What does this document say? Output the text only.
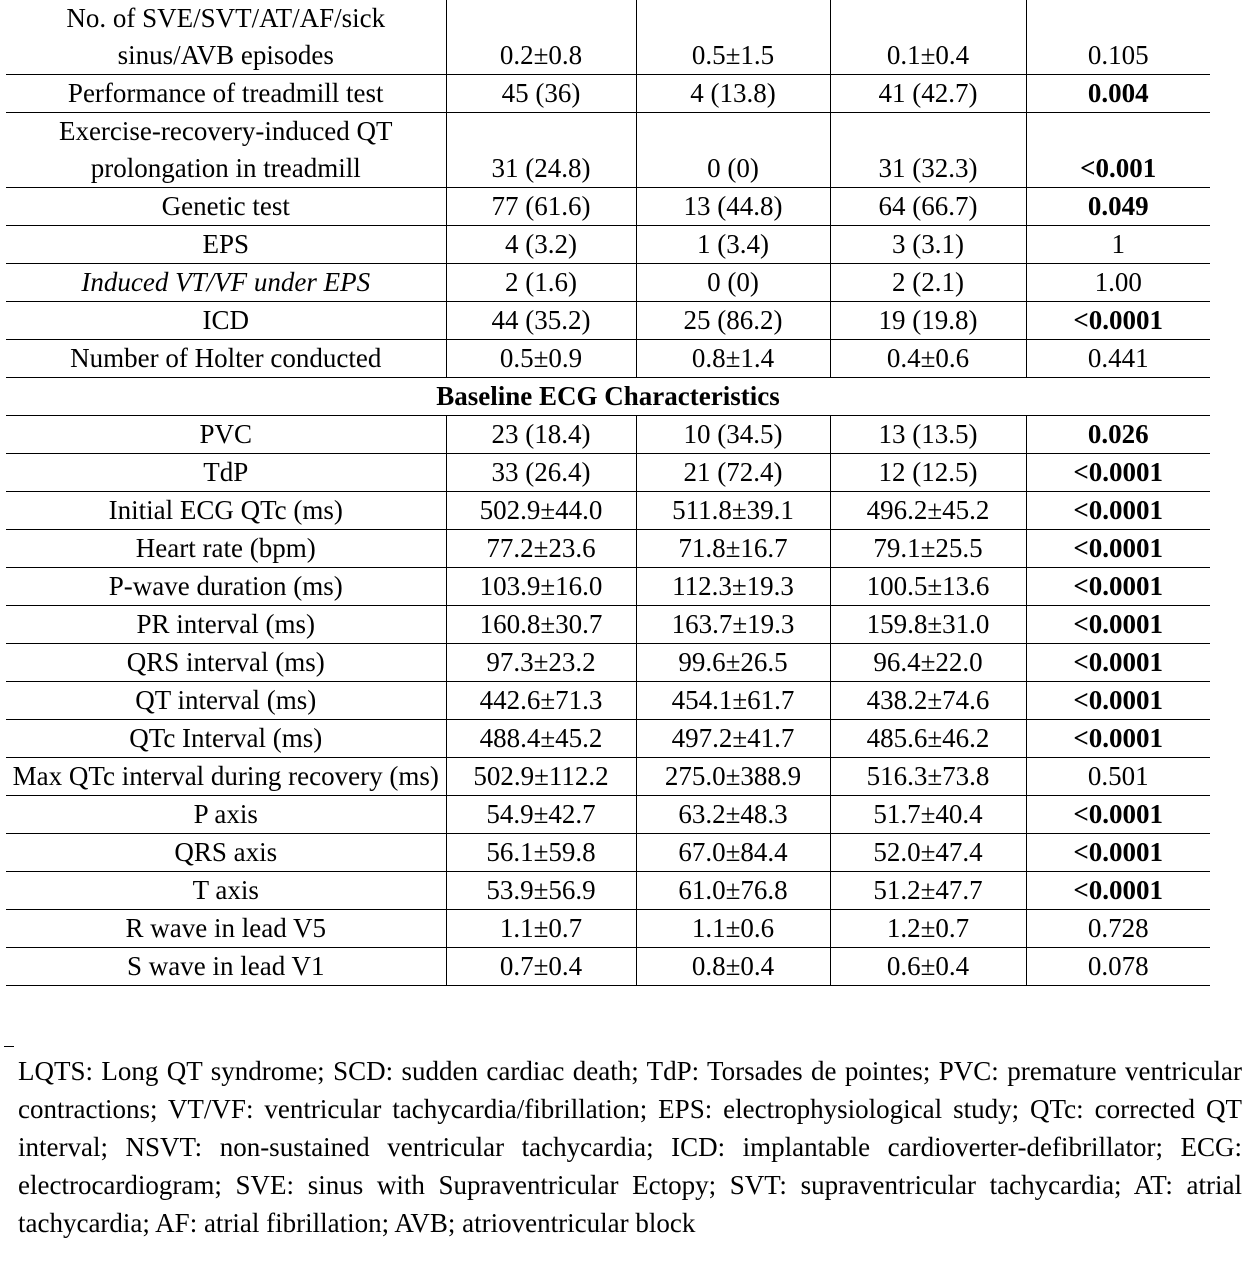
No. of SVE/SVT/AT/AF/sick sinus/AVB episodes	0.2±0.8	0.5±1.5	0.1±0.4	0.105
Performance of treadmill test	45 (36)	4 (13.8)	41 (42.7)	0.004
Exercise-recovery-induced QT prolongation in treadmill	31 (24.8)	0 (0)	31 (32.3)	<0.001
Genetic test	77 (61.6)	13 (44.8)	64 (66.7)	0.049
EPS	4 (3.2)	1 (3.4)	3 (3.1)	1
Induced VT/VF under EPS	2 (1.6)	0 (0)	2 (2.1)	1.00
ICD	44 (35.2)	25 (86.2)	19 (19.8)	<0.0001
Number of Holter conducted	0.5±0.9	0.8±1.4	0.4±0.6	0.441
Baseline ECG Characteristics				
PVC	23 (18.4)	10 (34.5)	13 (13.5)	0.026
TdP	33 (26.4)	21 (72.4)	12 (12.5)	<0.0001
Initial ECG QTc (ms)	502.9±44.0	511.8±39.1	496.2±45.2	<0.0001
Heart rate (bpm)	77.2±23.6	71.8±16.7	79.1±25.5	<0.0001
P-wave duration (ms)	103.9±16.0	112.3±19.3	100.5±13.6	<0.0001
PR interval (ms)	160.8±30.7	163.7±19.3	159.8±31.0	<0.0001
QRS interval (ms)	97.3±23.2	99.6±26.5	96.4±22.0	<0.0001
QT interval (ms)	442.6±71.3	454.1±61.7	438.2±74.6	<0.0001
QTc Interval (ms)	488.4±45.2	497.2±41.7	485.6±46.2	<0.0001
Max QTc interval during recovery (ms)	502.9±112.2	275.0±388.9	516.3±73.8	0.501
P axis	54.9±42.7	63.2±48.3	51.7±40.4	<0.0001
QRS axis	56.1±59.8	67.0±84.4	52.0±47.4	<0.0001
T axis	53.9±56.9	61.0±76.8	51.2±47.7	<0.0001
R wave in lead V5	1.1±0.7	1.1±0.6	1.2±0.7	0.728
S wave in lead V1	0.7±0.4	0.8±0.4	0.6±0.4	0.078
LQTS: Long QT syndrome; SCD: sudden cardiac death; TdP: Torsades de pointes; PVC: premature ventricular contractions; VT/VF: ventricular tachycardia/fibrillation; EPS: electrophysiological study; QTc: corrected QT interval; NSVT: non-sustained ventricular tachycardia; ICD: implantable cardioverter-defibrillator; ECG: electrocardiogram; SVE: sinus with Supraventricular Ectopy; SVT: supraventricular tachycardia; AT: atrial tachycardia; AF: atrial fibrillation; AVB; atrioventricular block
